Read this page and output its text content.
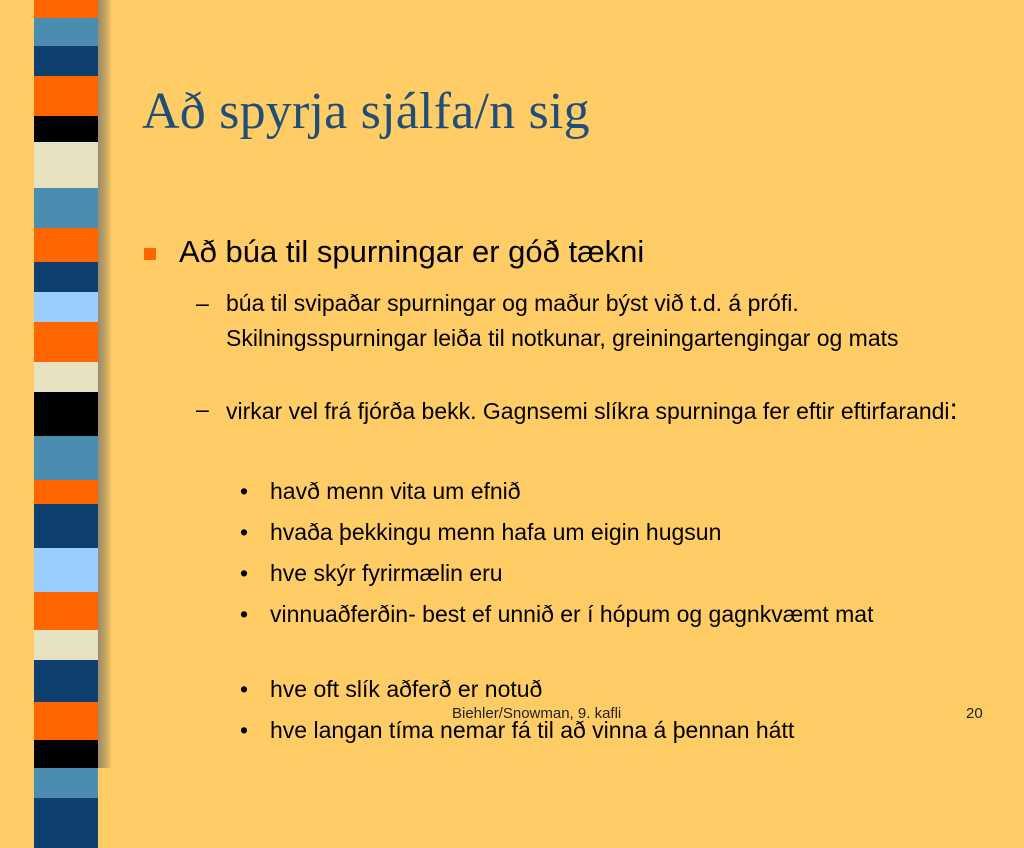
Að spyrja sjálfa/n sig
Að búa til spurningar er góð tækni
– búa til svipaðar spurningar og maður býst við t.d. á prófi. Skilningsspurningar leiða til notkunar, greiningartengingar og mats
– virkar vel frá fjórða bekk. Gagnsemi slíkra spurninga fer eftir eftirfarandi:
• havð menn vita um efnið
• hvaða þekkingu menn hafa um eigin hugsun
• hve skýr fyrirmælin eru
• vinnuaðferðin- best ef unnið er í hópum og gagnkvæmt mat
• hve oft slík aðferð er notuð
• hve langan tíma nemar fá til að vinna á þennan hátt
Biehler/Snowman, 9. kafli	20
